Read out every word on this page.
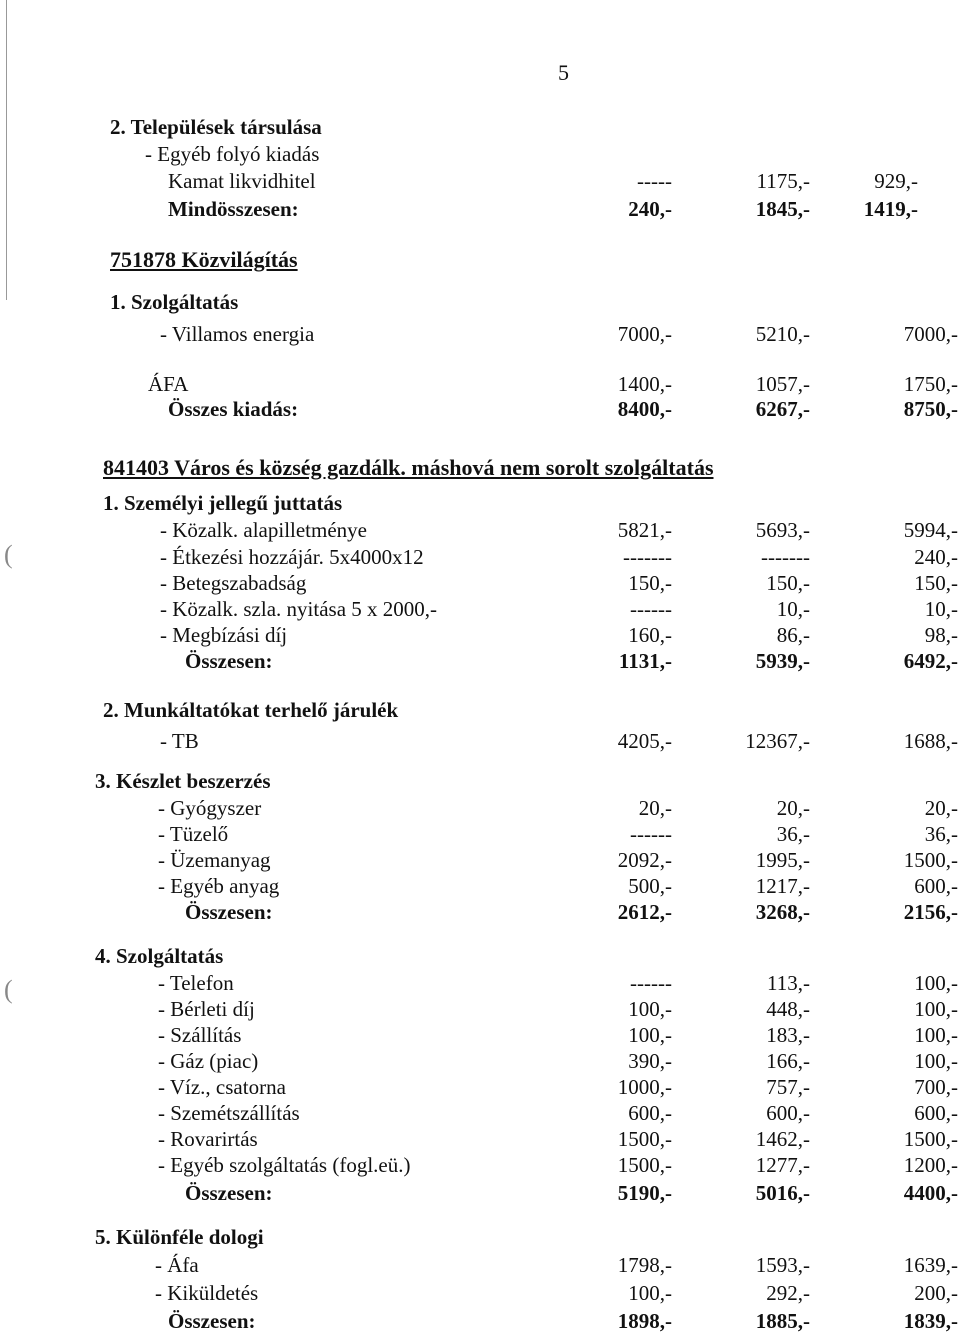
(
(
5
2. Települések társulása
- Egyéb folyó kiadás
Kamat likvidhitel	-----	1175,-	929,-
Mindösszesen:	240,-	1845,-	1419,-
751878 Közvilágítás
1. Szolgáltatás
- Villamos energia	7000,-	5210,-	7000,-
ÁFA	1400,-	1057,-	1750,-
Összes kiadás:	8400,-	6267,-	8750,-
841403 Város és község gazdálk. máshová nem sorolt szolgáltatás
1. Személyi jellegű juttatás
- Közalk. alapilletménye	5821,-	5693,-	5994,-
- Étkezési hozzájár. 5x4000x12	-------	-------	240,-
- Betegszabadság	150,-	150,-	150,-
- Közalk. szla. nyitása 5 x 2000,-	------	10,-	10,-
- Megbízási díj	160,-	86,-	98,-
Összesen:	1131,-	5939,-	6492,-
2. Munkáltatókat terhelő járulék
- TB	4205,-	12367,-	1688,-
3. Készlet beszerzés
- Gyógyszer	20,-	20,-	20,-
- Tüzelő	------	36,-	36,-
- Üzemanyag	2092,-	1995,-	1500,-
- Egyéb anyag	500,-	1217,-	600,-
Összesen:	2612,-	3268,-	2156,-
4. Szolgáltatás
- Telefon	------	113,-	100,-
- Bérleti díj	100,-	448,-	100,-
- Szállítás	100,-	183,-	100,-
- Gáz (piac)	390,-	166,-	100,-
- Víz., csatorna	1000,-	757,-	700,-
- Szemétszállítás	600,-	600,-	600,-
- Rovarirtás	1500,-	1462,-	1500,-
- Egyéb szolgáltatás (fogl.eü.)	1500,-	1277,-	1200,-
Összesen:	5190,-	5016,-	4400,-
5. Különféle dologi
- Áfa	1798,-	1593,-	1639,-
- Kiküldetés	100,-	292,-	200,-
Összesen:	1898,-	1885,-	1839,-
